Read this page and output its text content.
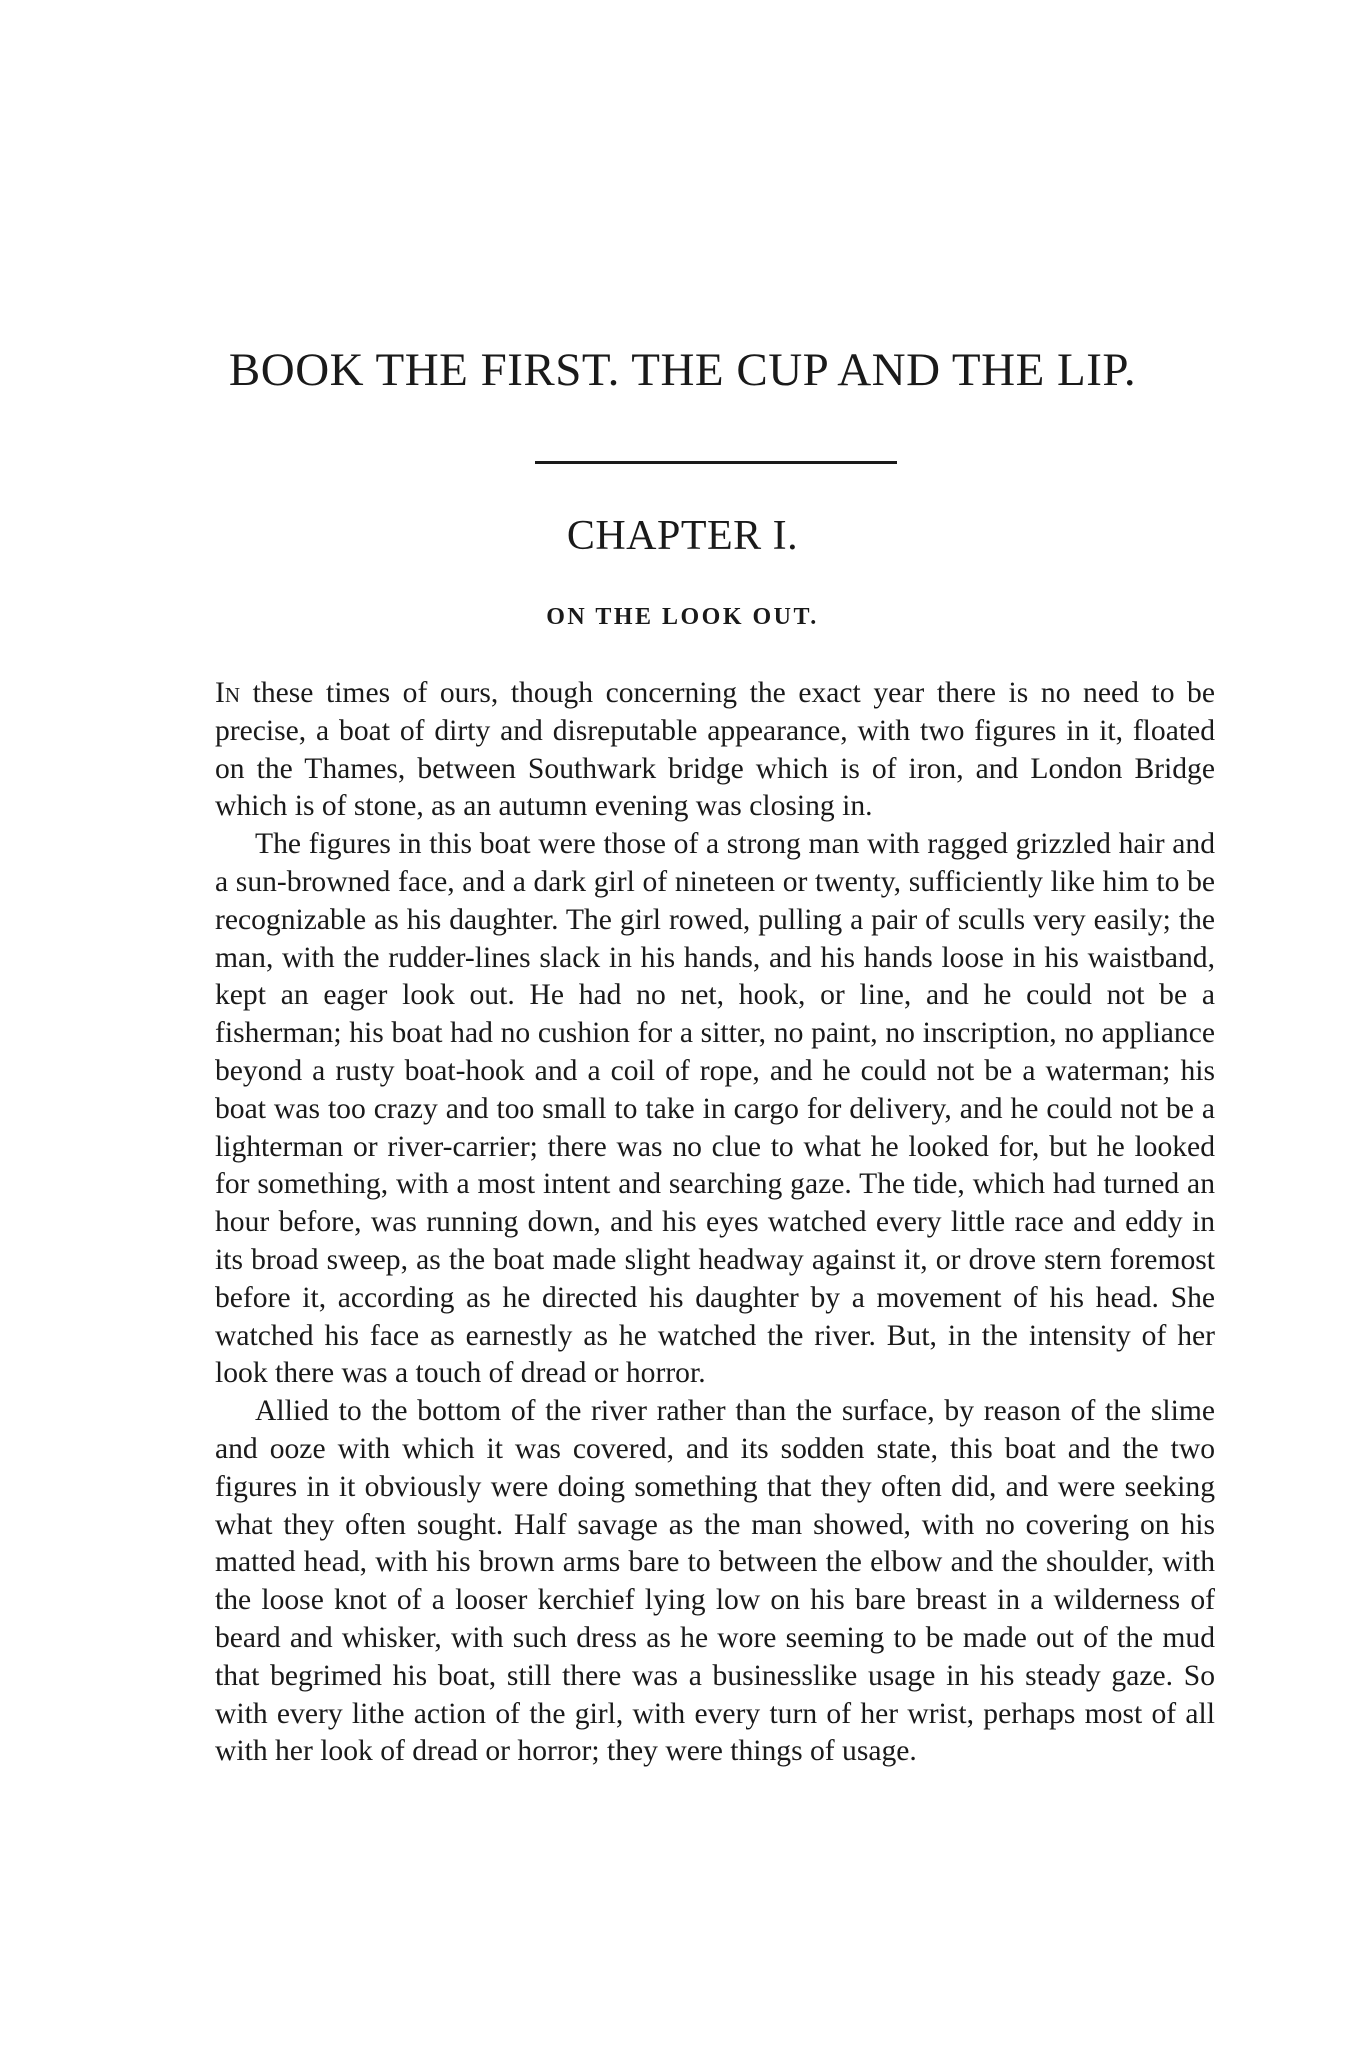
BOOK THE FIRST. THE CUP AND THE LIP.
CHAPTER I.
ON THE LOOK OUT.

In these times of ours, though concerning the exact year there is no need to be precise, a boat of dirty and disreputable appearance, with two figures in it, floated on the Thames, between Southwark bridge which is of iron, and London Bridge which is of stone, as an autumn evening was closing in.

The figures in this boat were those of a strong man with ragged grizzled hair and a sun-browned face, and a dark girl of nineteen or twenty, sufficiently like him to be recognizable as his daughter. The girl rowed, pulling a pair of sculls very easily; the man, with the rudder-lines slack in his hands, and his hands loose in his waistband, kept an eager look out. He had no net, hook, or line, and he could not be a fisherman; his boat had no cushion for a sitter, no paint, no inscription, no appliance beyond a rusty boat-hook and a coil of rope, and he could not be a waterman; his boat was too crazy and too small to take in cargo for delivery, and he could not be a lighterman or river-carrier; there was no clue to what he looked for, but he looked for something, with a most intent and searching gaze. The tide, which had turned an hour before, was running down, and his eyes watched every little race and eddy in its broad sweep, as the boat made slight headway against it, or drove stern foremost before it, according as he directed his daughter by a movement of his head. She watched his face as earnestly as he watched the river. But, in the intensity of her look there was a touch of dread or horror.

Allied to the bottom of the river rather than the surface, by reason of the slime and ooze with which it was covered, and its sodden state, this boat and the two figures in it obviously were doing something that they often did, and were seeking what they often sought. Half savage as the man showed, with no covering on his matted head, with his brown arms bare to between the elbow and the shoulder, with the loose knot of a looser kerchief lying low on his bare breast in a wilderness of beard and whisker, with such dress as he wore seeming to be made out of the mud that begrimed his boat, still there was a businesslike usage in his steady gaze. So with every lithe action of the girl, with every turn of her wrist, perhaps most of all with her look of dread or horror; they were things of usage.
